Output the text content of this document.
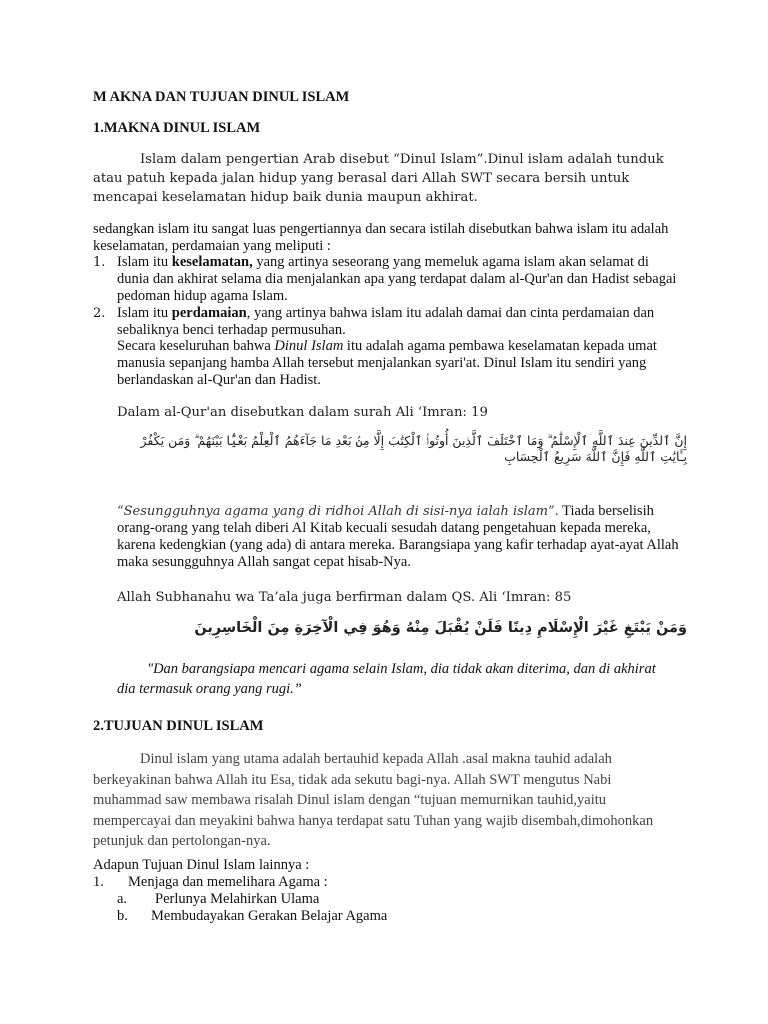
M AKNA DAN TUJUAN DINUL ISLAM
1.MAKNA DINUL ISLAM

Islam dalam pengertian Arab disebut “Dinul Islam”.Dinul islam adalah tunduk atau patuh kepada jalan hidup yang berasal dari Allah SWT secara bersih untuk mencapai keselamatan hidup baik dunia maupun akhirat.

sedangkan islam itu sangat luas pengertiannya dan secara istilah disebutkan bahwa islam itu adalah keselamatan, perdamaian yang meliputi :

1. Islam itu keselamatan, yang artinya seseorang yang memeluk agama islam akan selamat di dunia dan akhirat selama dia menjalankan apa yang terdapat dalam al-Qur'an dan Hadist sebagai pedoman hidup agama Islam.
2. Islam itu perdamaian, yang artinya bahwa islam itu adalah damai dan cinta perdamaian dan sebaliknya benci terhadap permusuhan.

Secara keseluruhan bahwa Dinul Islam itu adalah agama pembawa keselamatan kepada umat manusia sepanjang hamba Allah tersebut menjalankan syari'at. Dinul Islam itu sendiri yang berlandaskan al-Qur'an dan Hadist.

Dalam al-Qur'an disebutkan dalam surah Ali ‘Imran: 19

إِنَّ ٱلدِّينَ عِندَ ٱللَّهِ ٱلْإِسْلَٰمُ ۗ وَمَا ٱخْتَلَفَ ٱلَّذِينَ أُوتُوا۟ ٱلْكِتَٰبَ إِلَّا مِنۢ بَعْدِ مَا جَآءَهُمُ ٱلْعِلْمُ بَغْيًۢا بَيْنَهُمْ ۗ وَمَن يَكْفُرْ بِـَٔايَٰتِ ٱللَّهِ فَإِنَّ ٱللَّهَ سَرِيعُ ٱلْحِسَابِ

“Sesungguhnya agama yang di ridhoi Allah di sisi-nya ialah islam”. Tiada berselisih orang-orang yang telah diberi Al Kitab kecuali sesudah datang pengetahuan kepada mereka, karena kedengkian (yang ada) di antara mereka. Barangsiapa yang kafir terhadap ayat-ayat Allah maka sesungguhnya Allah sangat cepat hisab-Nya.

Allah Subhanahu wa Ta’ala juga berfirman dalam QS. Ali ‘Imran: 85

وَمَنْ يَبْتَغِ غَيْرَ الْإِسْلَامِ دِينًا فَلَنْ يُقْبَلَ مِنْهُ وَهُوَ فِي الْآخِرَةِ مِنَ الْخَاسِرِينَ

"Dan barangsiapa mencari agama selain Islam, dia tidak akan diterima, dan di akhirat dia termasuk orang yang rugi.”

2.TUJUAN DINUL ISLAM

Dinul islam yang utama adalah bertauhid kepada Allah .asal makna tauhid adalah berkeyakinan bahwa Allah itu Esa, tidak ada sekutu bagi-nya. Allah SWT mengutus Nabi muhammad saw membawa risalah Dinul islam dengan “tujuan memurnikan tauhid,yaitu mempercayai dan meyakini bahwa hanya terdapat satu Tuhan yang wajib disembah,dimohonkan petunjuk dan pertolongan-nya.

Adapun Tujuan Dinul Islam lainnya :

1. Menjaga dan memelihara Agama :
a. Perlunya Melahirkan Ulama
b. Membudayakan Gerakan Belajar Agama
